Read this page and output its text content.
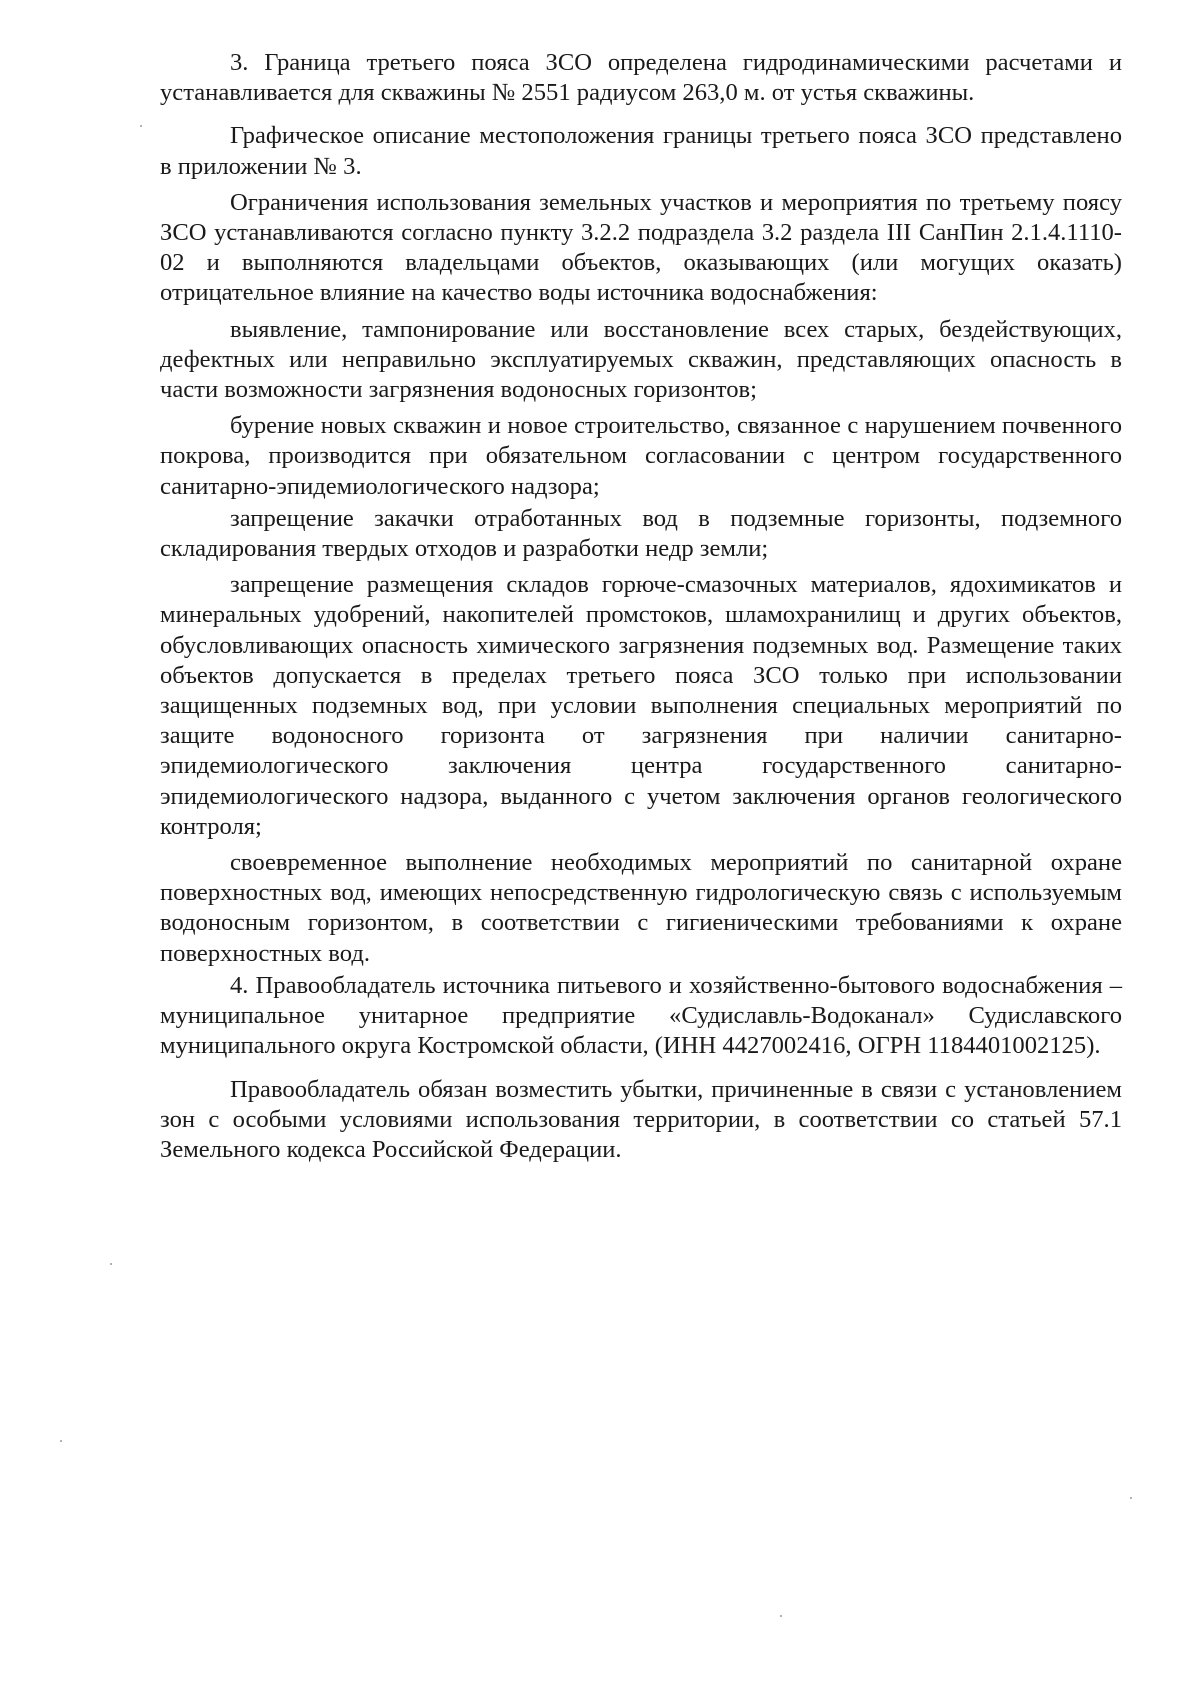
3. Граница третьего пояса ЗСО определена гидродинамическими расчетами и устанавливается для скважины № 2551 радиусом 263,0 м. от устья скважины.

Графическое описание местоположения границы третьего пояса ЗСО представлено в приложении № 3.

Ограничения использования земельных участков и мероприятия по третьему поясу ЗСО устанавливаются согласно пункту 3.2.2 подраздела 3.2 раздела III СанПин 2.1.4.1110-02 и выполняются владельцами объектов, оказывающих (или могущих оказать) отрицательное влияние на качество воды источника водоснабжения:

выявление, тампонирование или восстановление всех старых, бездействующих, дефектных или неправильно эксплуатируемых скважин, представляющих опасность в части возможности загрязнения водоносных горизонтов;

бурение новых скважин и новое строительство, связанное с нарушением почвенного покрова, производится при обязательном согласовании с центром государственного санитарно-эпидемиологического надзора;

запрещение закачки отработанных вод в подземные горизонты, подземного складирования твердых отходов и разработки недр земли;

запрещение размещения складов горюче-смазочных материалов, ядохимикатов и минеральных удобрений, накопителей промстоков, шламохранилищ и других объектов, обусловливающих опасность химического загрязнения подземных вод. Размещение таких объектов допускается в пределах третьего пояса ЗСО только при использовании защищенных подземных вод, при условии выполнения специальных мероприятий по защите водоносного горизонта от загрязнения при наличии санитарно-эпидемиологического заключения центра государственного санитарно-эпидемиологического надзора, выданного с учетом заключения органов геологического контроля;

своевременное выполнение необходимых мероприятий по санитарной охране поверхностных вод, имеющих непосредственную гидрологическую связь с используемым водоносным горизонтом, в соответствии с гигиеническими требованиями к охране поверхностных вод.

4. Правообладатель источника питьевого и хозяйственно-бытового водоснабжения – муниципальное унитарное предприятие «Судиславль-Водоканал» Судиславского муниципального округа Костромской области, (ИНН 4427002416, ОГРН 1184401002125).

Правообладатель обязан возместить убытки, причиненные в связи с установлением зон с особыми условиями использования территории, в соответствии со статьей 57.1 Земельного кодекса Российской Федерации.
